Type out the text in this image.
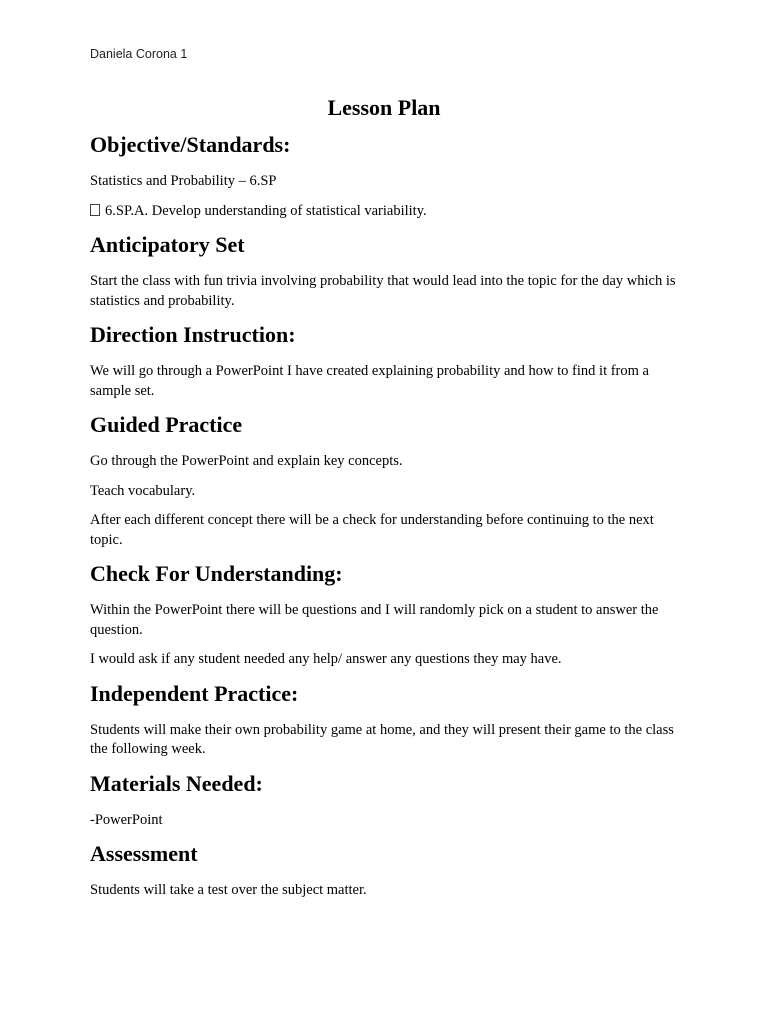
Daniela Corona 1
Lesson Plan
Objective/Standards:

Statistics and Probability – 6.SP

6.SP.A. Develop understanding of statistical variability.

Anticipatory Set

Start the class with fun trivia involving probability that would lead into the topic for the day which is statistics and probability.

Direction Instruction:

We will go through a PowerPoint I have created explaining probability and how to find it from a sample set.

Guided Practice

Go through the PowerPoint and explain key concepts.

Teach vocabulary.

After each different concept there will be a check for understanding before continuing to the next topic.

Check For Understanding:

Within the PowerPoint there will be questions and I will randomly pick on a student to answer the question.

I would ask if any student needed any help/ answer any questions they may have.

Independent Practice:

Students will make their own probability game at home, and they will present their game to the class the following week.

Materials Needed:

-PowerPoint

Assessment

Students will take a test over the subject matter.
